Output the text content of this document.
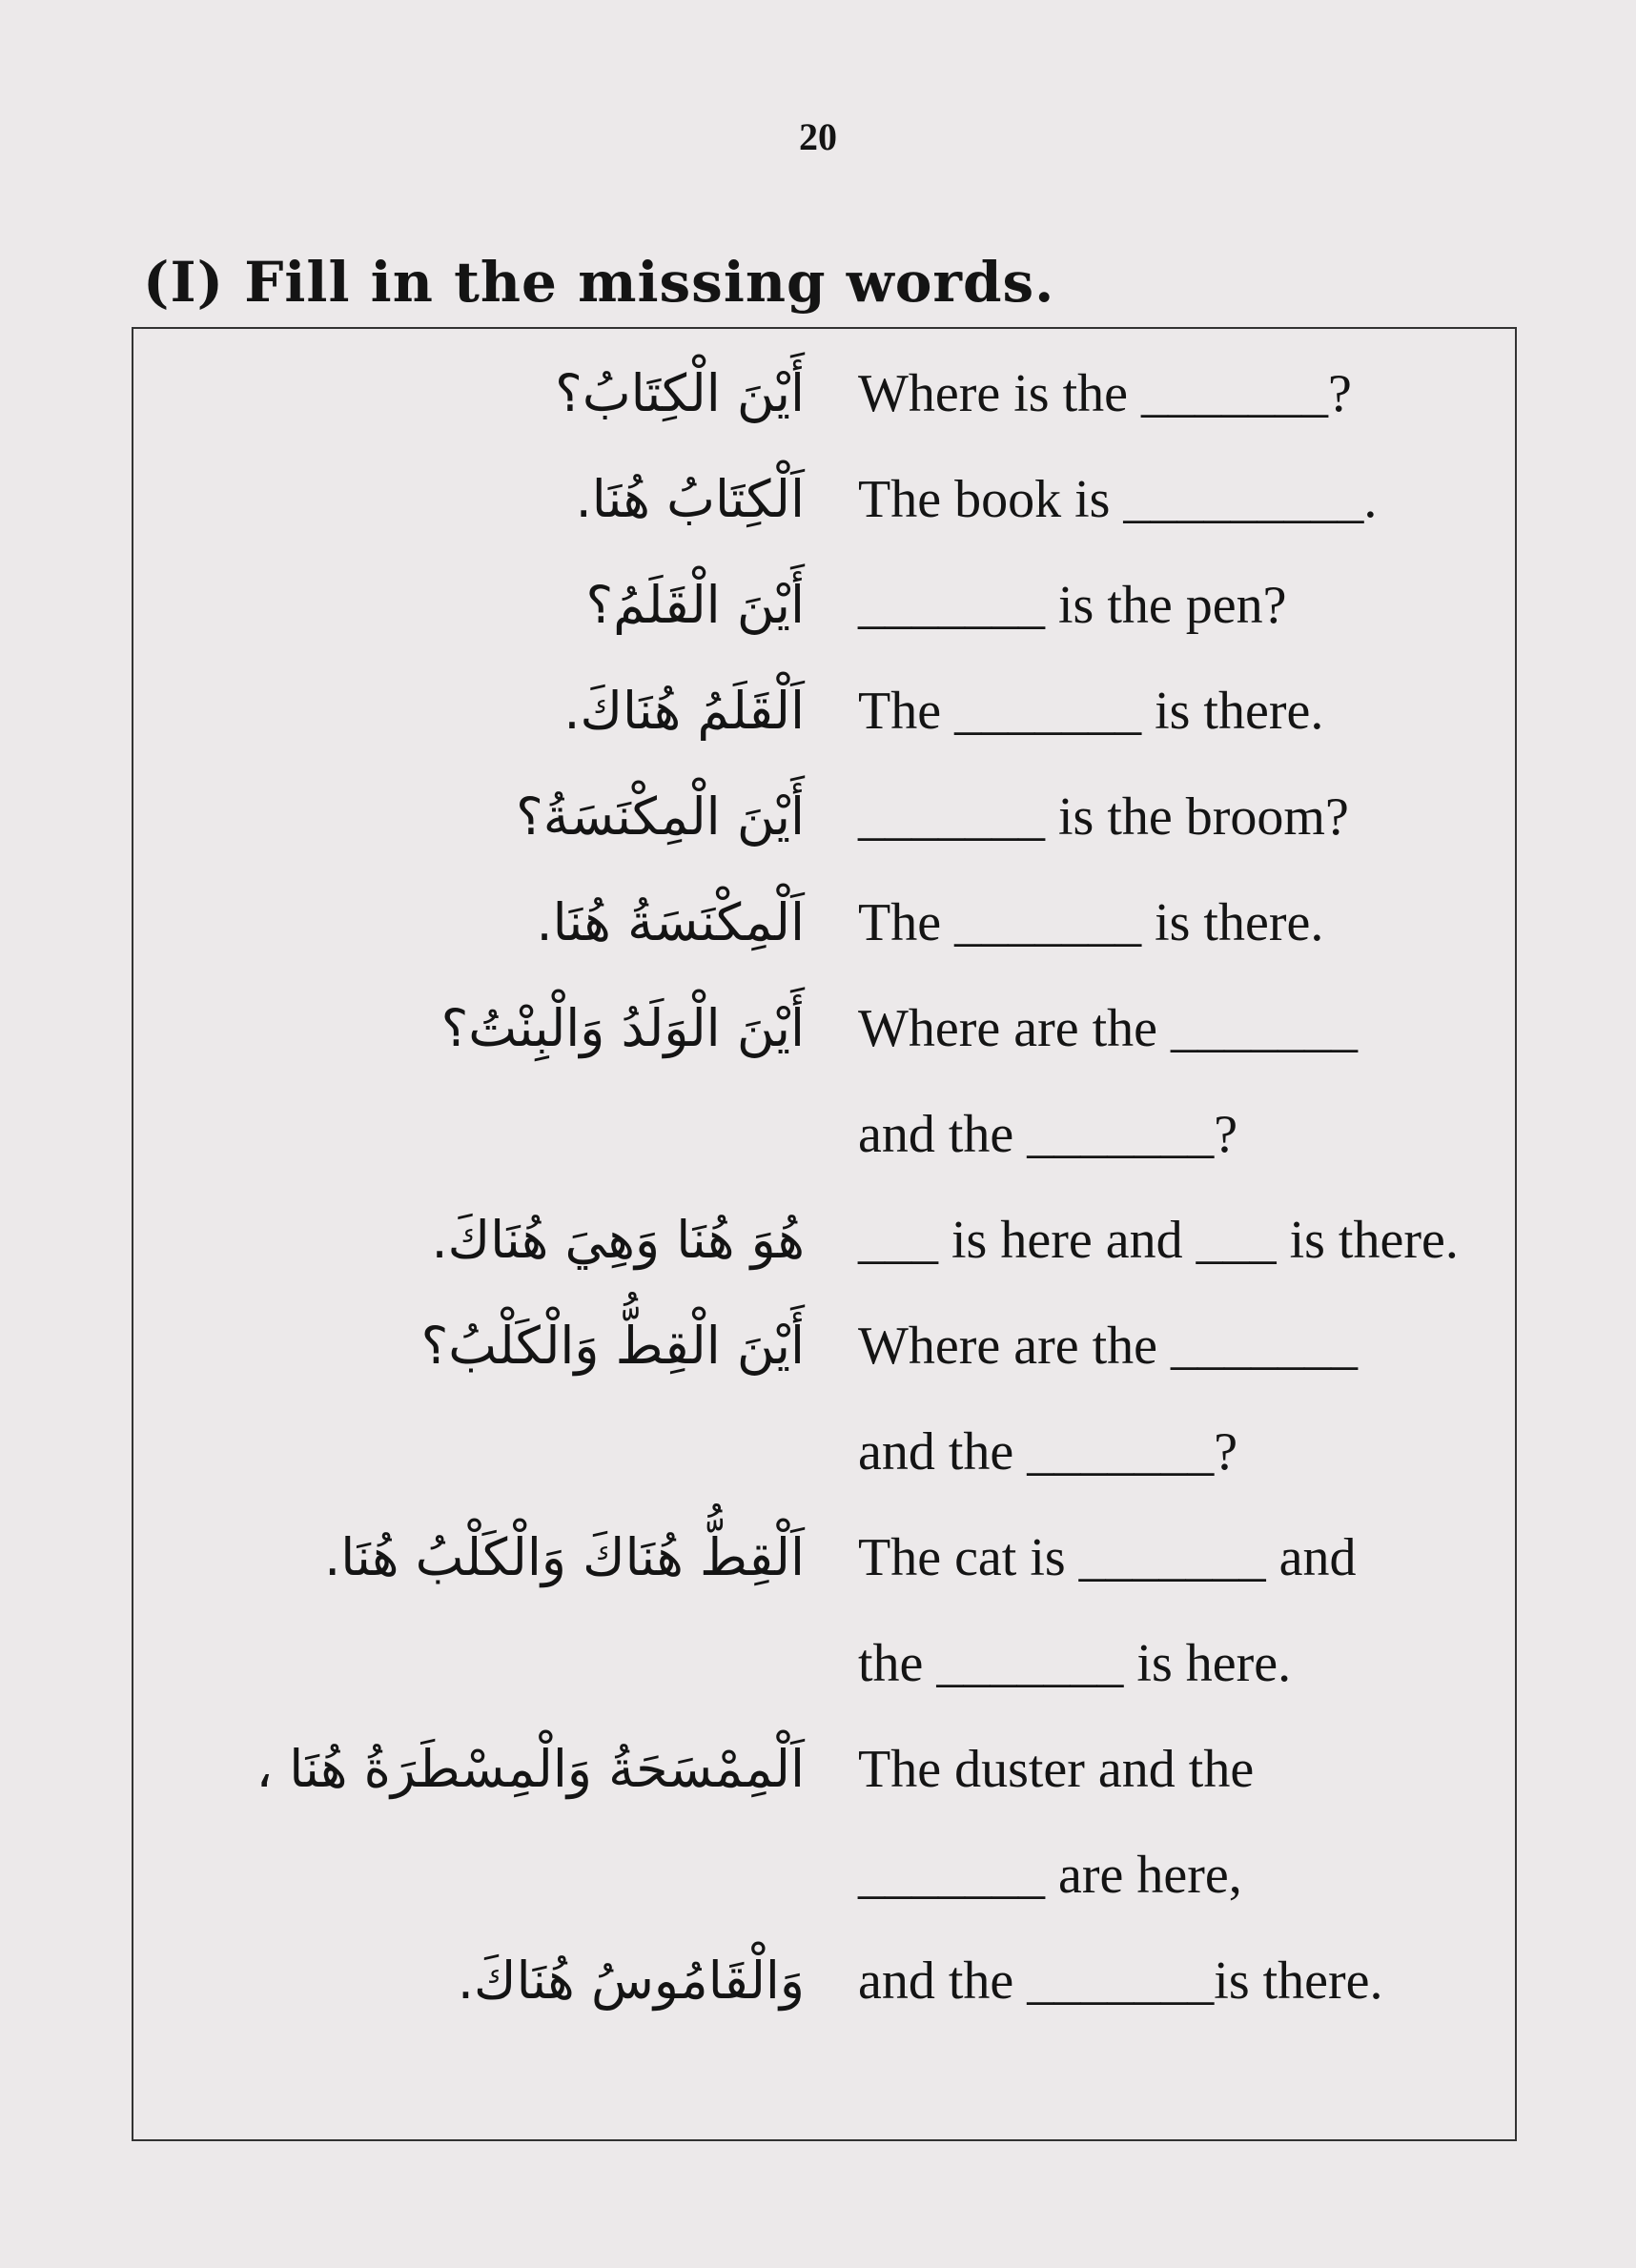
20
(I) Fill in the missing words.
أَيْنَ الْكِتَابُ؟ Where is the _______?
اَلْكِتَابُ هُنَا. The book is _________.
أَيْنَ الْقَلَمُ؟ _______ is the pen?
اَلْقَلَمُ هُنَاكَ. The _______ is there.
أَيْنَ الْمِكْنَسَةُ؟ _______ is the broom?
اَلْمِكْنَسَةُ هُنَا. The _______ is there.
أَيْنَ الْوَلَدُ وَالْبِنْتُ؟ Where are the _______
and the _______?
هُوَ هُنَا وَهِيَ هُنَاكَ. ___ is here and ___ is there.
أَيْنَ الْقِطُّ وَالْكَلْبُ؟ Where are the _______
and the _______?
اَلْقِطُّ هُنَاكَ وَالْكَلْبُ هُنَا. The cat is _______ and
the _______ is here.
اَلْمِمْسَحَةُ وَالْمِسْطَرَةُ هُنَا ، The duster and the
_______ are here,
وَالْقَامُوسُ هُنَاكَ. and the _______is there.
